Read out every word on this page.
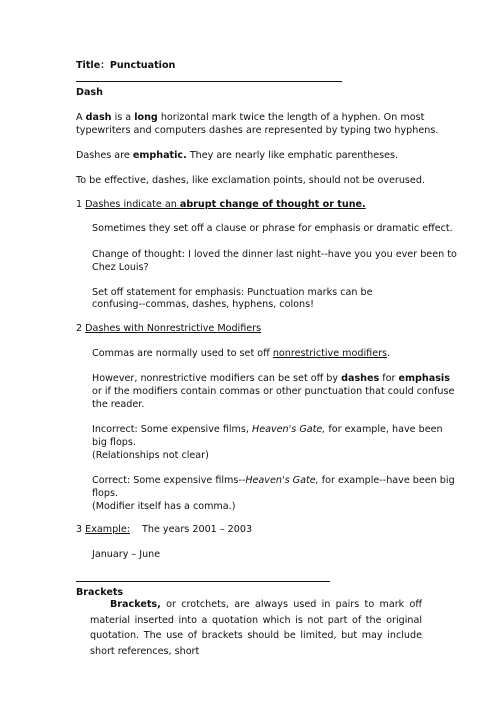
Title：Punctuation
Dash
A dash is a long horizontal mark twice the length of a hyphen. On most
typewriters and computers dashes are represented by typing two hyphens.
Dashes are emphatic. They are nearly like emphatic parentheses.
To be effective, dashes, like exclamation points, should not be overused.
1 Dashes indicate an abrupt change of thought or tune.
Sometimes they set off a clause or phrase for emphasis or dramatic effect.
Change of thought: I loved the dinner last night--have you you ever been to
Chez Louis?
Set off statement for emphasis: Punctuation marks can be
confusing--commas, dashes, hyphens, colons!
2 Dashes with Nonrestrictive Modifiers
Commas are normally used to set off nonrestrictive modifiers.
However, nonrestrictive modifiers can be set off by dashes for emphasis
or if the modifiers contain commas or other punctuation that could confuse
the reader.
Incorrect: Some expensive films, Heaven's Gate, for example, have been
big flops.
(Relationships not clear)
Correct: Some expensive films--Heaven's Gate, for example--have been big
flops.
(Modifier itself has a comma.)
3 Example: The years 2001 – 2003
January – June
Brackets
Brackets, or crotchets, are always used in pairs to mark off material inserted into a quotation which is not part of the original quotation. The use of brackets should be limited, but may include short references, short
